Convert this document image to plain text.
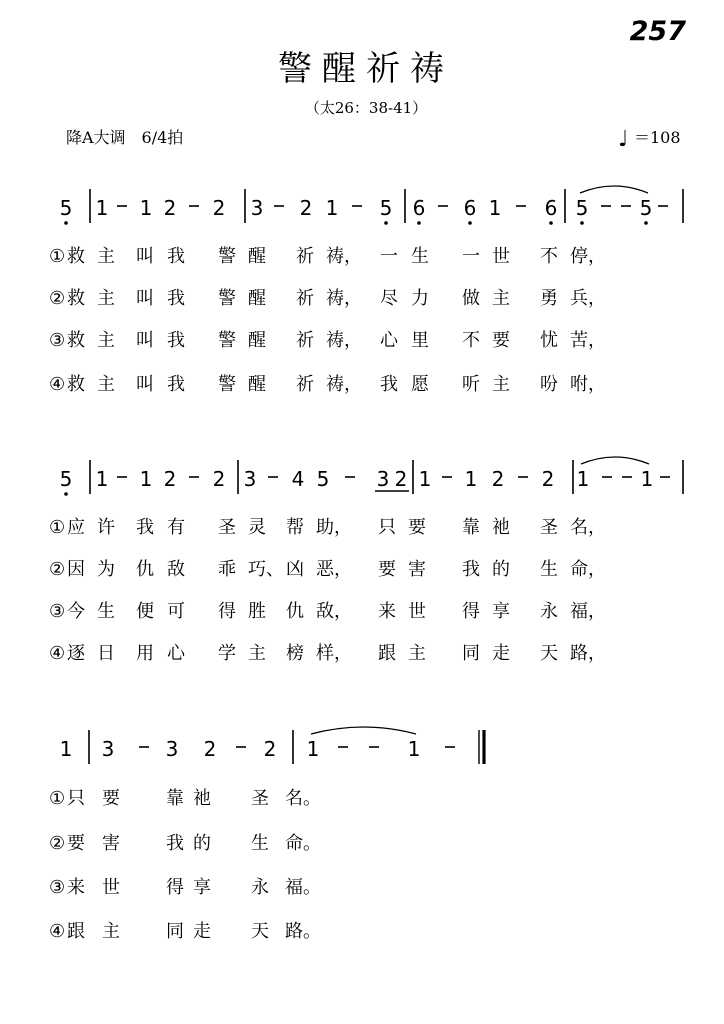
257
警醒祈祷
（太26：38-41）
降A大调　6/4拍	♩ ＝108
5 1 1 2 2 3 2 1 5 6 6 1 6 5	5
① 救 主 叫 我 警 醒 祈 祷， 一 生 一 世 不 停，
② 救 主 叫 我 警 醒 祈 祷， 尽 力 做 主 勇 兵，
③ 救 主 叫 我 警 醒 祈 祷， 心 里 不 要 忧 苦，
④ 救 主 叫 我 警 醒 祈 祷， 我 愿 听 主 吩 咐，
5 1 1 2 2 3 4 5 3 2 1 1 2 2 1	1
① 应 许 我 有 圣 灵 帮 助， 只 要 靠 祂 圣 名，
② 因 为 仇 敌 乖 巧、 凶 恶， 要 害 我 的 生 命，
③ 今 生 便 可 得 胜 仇 敌， 来 世 得 享 永 福，
④ 逐 日 用 心 学 主 榜 样， 跟 主 同 走 天 路，
1 3	3 2 2 1	1
① 只 要	靠 祂 圣 名。
② 要 害	我 的 生 命。
③ 来 世	得 享 永 福。
④ 跟 主	同 走 天 路。
